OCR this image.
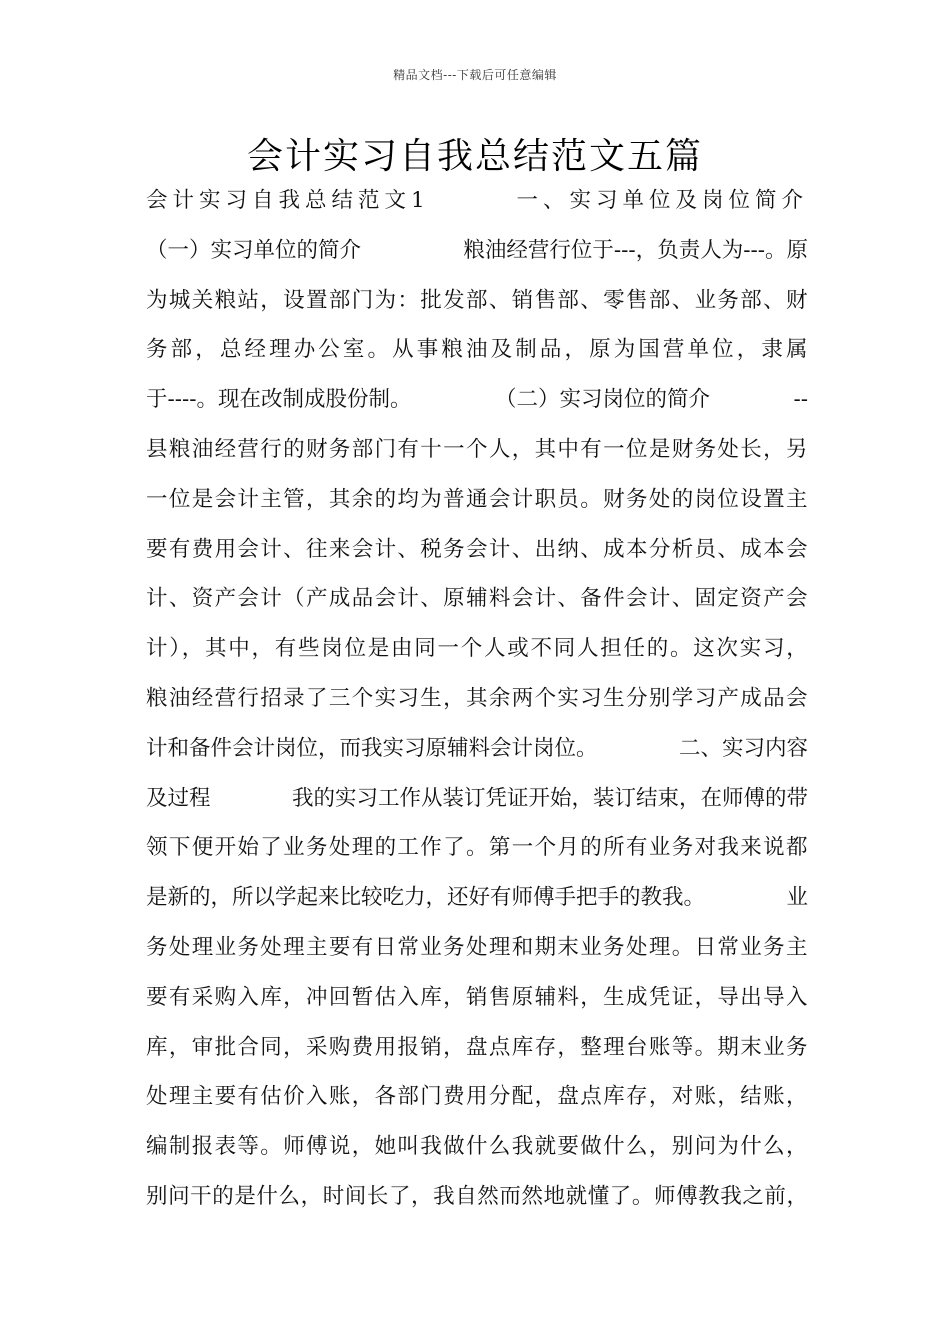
精品文档---下载后可任意编辑
会计实习自我总结范文五篇
会计实习自我总结范文1	一、实习单位及岗位简介
（一）实习单位的简介	粮油经营行位于---，负责人为---。原
为城关粮站，设置部门为：批发部、销售部、零售部、业务部、财
务部，总经理办公室。从事粮油及制品，原为国营单位，隶属
于----。现在改制成股份制。	（二）实习岗位的简介	--
县粮油经营行的财务部门有十一个人，其中有一位是财务处长，另
一位是会计主管，其余的均为普通会计职员。财务处的岗位设置主
要有费用会计、往来会计、税务会计、出纳、成本分析员、成本会
计、资产会计（产成品会计、原辅料会计、备件会计、固定资产会
计），其中，有些岗位是由同一个人或不同人担任的。这次实习，
粮油经营行招录了三个实习生，其余两个实习生分别学习产成品会
计和备件会计岗位，而我实习原辅料会计岗位。	二、实习内容
及过程	我的实习工作从装订凭证开始，装订结束，在师傅的带
领下便开始了业务处理的工作了。第一个月的所有业务对我来说都
是新的，所以学起来比较吃力，还好有师傅手把手的教我。	业
务处理业务处理主要有日常业务处理和期末业务处理。日常业务主
要有采购入库，冲回暂估入库，销售原辅料，生成凭证，导出导入
库，审批合同，采购费用报销，盘点库存，整理台账等。期末业务
处理主要有估价入账，各部门费用分配，盘点库存，对账，结账，
编制报表等。师傅说，她叫我做什么我就要做什么，别问为什么，
别问干的是什么，时间长了，我自然而然地就懂了。师傅教我之前，
